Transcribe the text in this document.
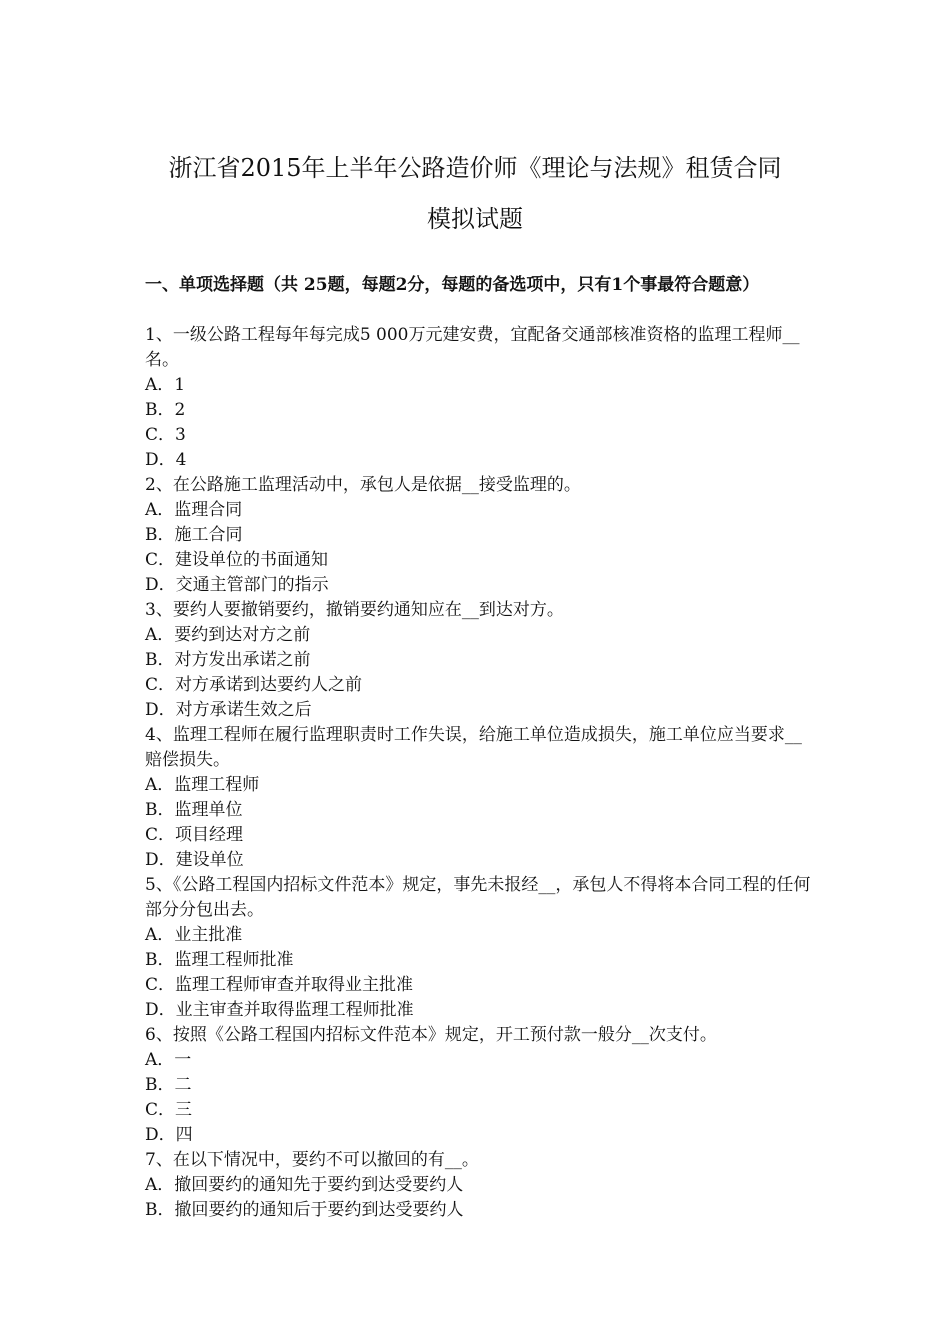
浙江省2015年上半年公路造价师《理论与法规》租赁合同
模拟试题
一、单项选择题（共 25题，每题2分，每题的备选项中，只有1个事最符合题意）

1、一级公路工程每年每完成5 000万元建安费，宜配备交通部核准资格的监理工程师__名。

A．1

B．2

C．3

D．4

2、在公路施工监理活动中，承包人是依据__接受监理的。

A．监理合同

B．施工合同

C．建设单位的书面通知

D．交通主管部门的指示

3、要约人要撤销要约，撤销要约通知应在__到达对方。

A．要约到达对方之前

B．对方发出承诺之前

C．对方承诺到达要约人之前

D．对方承诺生效之后

4、监理工程师在履行监理职责时工作失误，给施工单位造成损失，施工单位应当要求__赔偿损失。

A．监理工程师

B．监理单位

C．项目经理

D．建设单位

5、《公路工程国内招标文件范本》规定，事先未报经__，承包人不得将本合同工程的任何部分分包出去。

A．业主批准

B．监理工程师批准

C．监理工程师审查并取得业主批准

D．业主审查并取得监理工程师批准

6、按照《公路工程国内招标文件范本》规定，开工预付款一般分__次支付。

A．一

B．二

C．三

D．四

7、在以下情况中，要约不可以撤回的有__。

A．撤回要约的通知先于要约到达受要约人

B．撤回要约的通知后于要约到达受要约人
